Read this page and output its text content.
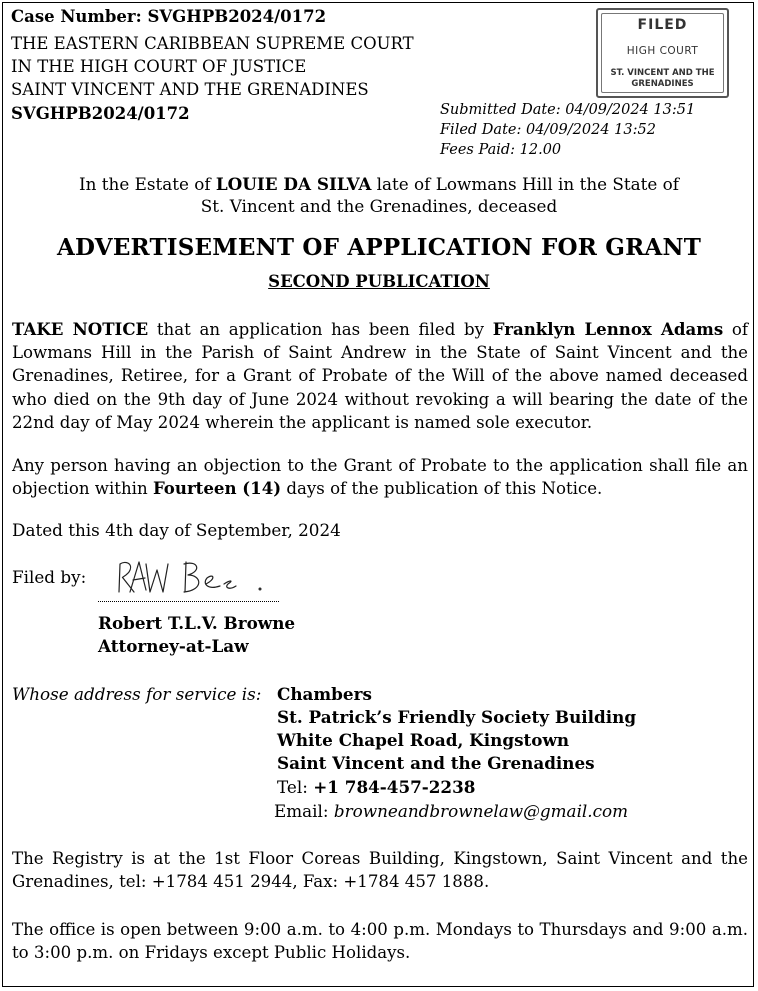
Case Number: SVGHPB2024/0172
THE EASTERN CARIBBEAN SUPREME COURT
IN THE HIGH COURT OF JUSTICE
SAINT VINCENT AND THE GRENADINES
SVGHPB2024/0172
FILED
HIGH COURT
ST. VINCENT AND THE GRENADINES
Submitted Date: 04/09/2024 13:51
Filed Date: 04/09/2024 13:52
Fees Paid: 12.00
In the Estate of LOUIE DA SILVA late of Lowmans Hill in the State of
St. Vincent and the Grenadines, deceased
ADVERTISEMENT OF APPLICATION FOR GRANT
SECOND PUBLICATION
TAKE NOTICE that an application has been filed by Franklyn Lennox Adams of Lowmans Hill in the Parish of Saint Andrew in the State of Saint Vincent and the Grenadines, Retiree, for a Grant of Probate of the Will of the above named deceased who died on the 9th day of June 2024 without revoking a will bearing the date of the 22nd day of May 2024 wherein the applicant is named sole executor.
Any person having an objection to the Grant of Probate to the application shall file an objection within Fourteen (14) days of the publication of this Notice.
Dated this 4th day of September, 2024
Filed by:
Robert T.L.V. Browne
Attorney-at-Law
Whose address for service is: Chambers
St. Patrick’s Friendly Society Building
White Chapel Road, Kingstown
Saint Vincent and the Grenadines
Tel: +1 784-457-2238
Email: browneandbrownelaw@gmail.com
The Registry is at the 1st Floor Coreas Building, Kingstown, Saint Vincent and the Grenadines, tel: +1784 451 2944, Fax: +1784 457 1888.
The office is open between 9:00 a.m. to 4:00 p.m. Mondays to Thursdays and 9:00 a.m. to 3:00 p.m. on Fridays except Public Holidays.
